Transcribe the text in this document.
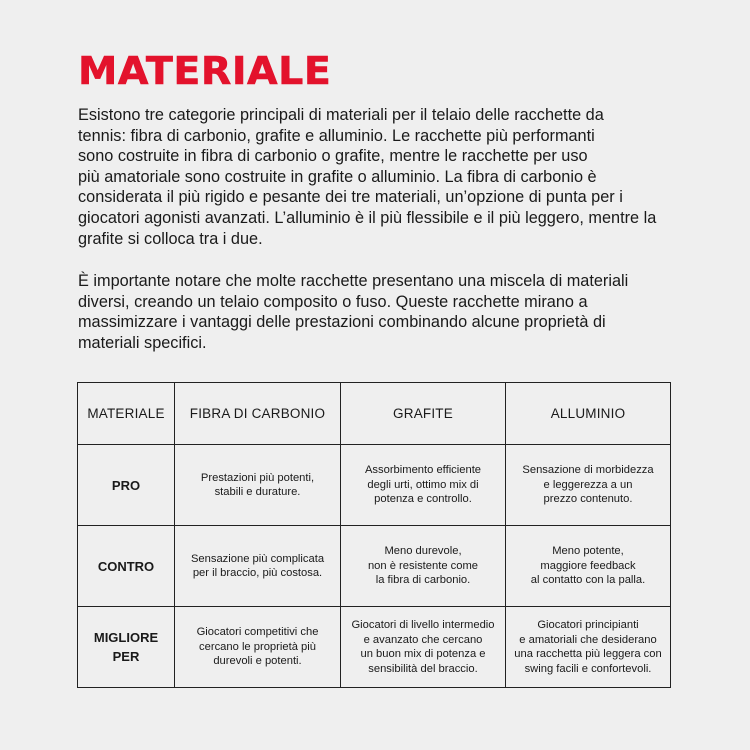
MATERIALE

Esistono tre categorie principali di materiali per il telaio delle racchette da
tennis: fibra di carbonio, grafite e alluminio. Le racchette più performanti
sono costruite in fibra di carbonio o grafite, mentre le racchette per uso
più amatoriale sono costruite in grafite o alluminio. La fibra di carbonio è
considerata il più rigido e pesante dei tre materiali, un’opzione di punta per i
giocatori agonisti avanzati. L’alluminio è il più flessibile e il più leggero, mentre la
grafite si colloca tra i due.

È importante notare che molte racchette presentano una miscela di materiali
diversi, creando un telaio composito o fuso. Queste racchette mirano a
massimizzare i vantaggi delle prestazioni combinando alcune proprietà di
materiali specifici.

MATERIALE	FIBRA DI CARBONIO	GRAFITE	ALLUMINIO

PRO	Prestazioni più potenti,
stabili e durature.	Assorbimento efficiente
degli urti, ottimo mix di
potenza e controllo.	Sensazione di morbidezza
e leggerezza a un
prezzo contenuto.

CONTRO	Sensazione più complicata
per il braccio, più costosa.	Meno durevole,
non è resistente come
la fibra di carbonio.	Meno potente,
maggiore feedback
al contatto con la palla.

MIGLIORE
PER	Giocatori competitivi che
cercano le proprietà più
durevoli e potenti.	Giocatori di livello intermedio
e avanzato che cercano
un buon mix di potenza e
sensibilità del braccio.	Giocatori principianti
e amatoriali che desiderano
una racchetta più leggera con
swing facili e confortevoli.
